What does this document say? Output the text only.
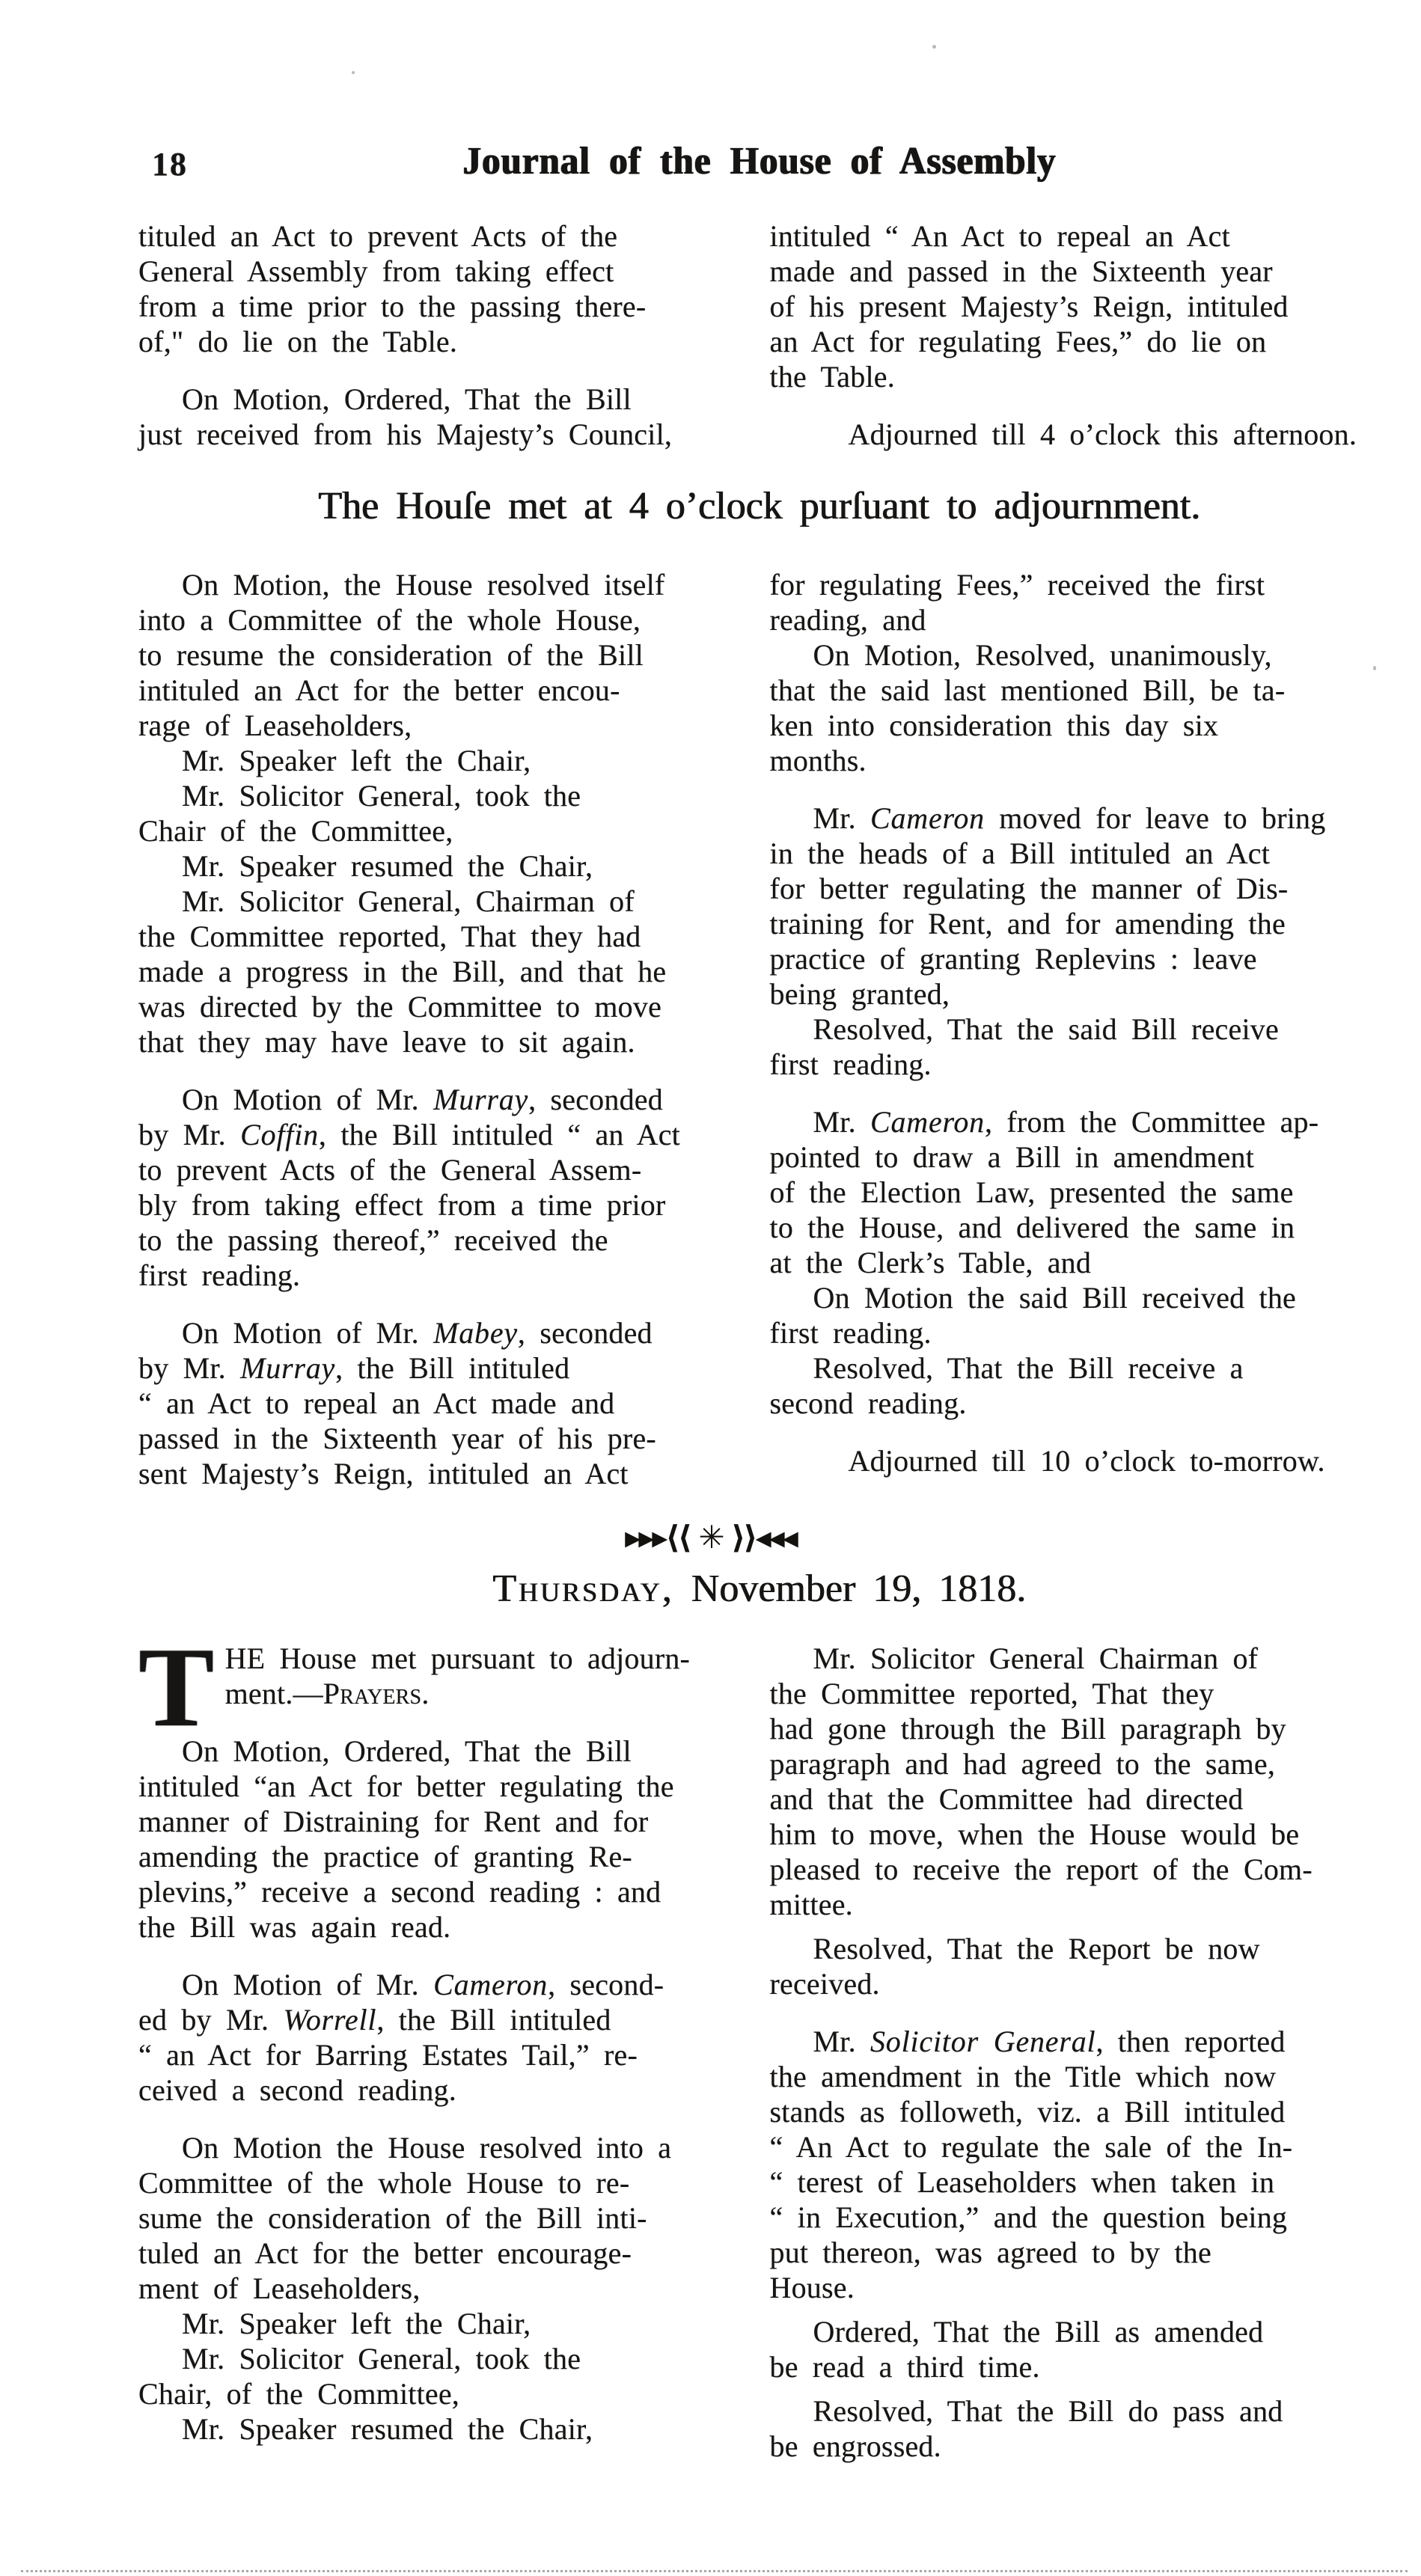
18	Journal of the House of Assembly

tituled an Act to prevent Acts of the
General Assembly from taking effect
from a time prior to the passing there-
of," do lie on the Table.

On Motion, Ordered, That the Bill
just received from his Majesty’s Council,

intituled “ An Act to repeal an Act
made and passed in the Sixteenth year
of his present Majesty’s Reign, intituled
an Act for regulating Fees,” do lie on
the Table.

Adjourned till 4 o’clock this afternoon.

The Houſe met at 4 o’clock purſuant to adjournment.

On Motion, the House resolved itself
into a Committee of the whole House,
to resume the consideration of the Bill
intituled an Act for the better encou-
rage of Leaseholders,

Mr. Speaker left the Chair,

Mr. Solicitor General, took the
Chair of the Committee,

Mr. Speaker resumed the Chair,

Mr. Solicitor General, Chairman of
the Committee reported, That they had
made a progress in the Bill, and that he
was directed by the Committee to move
that they may have leave to sit again.

On Motion of Mr. Murray, seconded
by Mr. Coffin, the Bill intituled “ an Act
to prevent Acts of the General Assem-
bly from taking effect from a time prior
to the passing thereof,” received the
first reading.

On Motion of Mr. Mabey, seconded
by Mr. Murray, the Bill intituled
“ an Act to repeal an Act made and
passed in the Sixteenth year of his pre-
sent Majesty’s Reign, intituled an Act

for regulating Fees,” received the first
reading, and

On Motion, Resolved, unanimously,
that the said last mentioned Bill, be ta-
ken into consideration this day six
months.

Mr. Cameron moved for leave to bring
in the heads of a Bill intituled an Act
for better regulating the manner of Dis-
training for Rent, and for amending the
practice of granting Replevins : leave
being granted,

Resolved, That the said Bill receive
first reading.

Mr. Cameron, from the Committee ap-
pointed to draw a Bill in amendment
of the Election Law, presented the same
to the House, and delivered the same in
at the Clerk’s Table, and

On Motion the said Bill received the
first reading.

Resolved, That the Bill receive a
second reading.

Adjourned till 10 o’clock to-morrow.

▸▸▸⟨⟨ ✳ ⟩⟩◂◂◂
Thursday, November 19, 1818.

T HE House met pursuant to adjourn-
ment.—Prayers.

On Motion, Ordered, That the Bill
intituled “an Act for better regulating the
manner of Distraining for Rent and for
amending the practice of granting Re-
plevins,” receive a second reading : and
the Bill was again read.

On Motion of Mr. Cameron, second-
ed by Mr. Worrell, the Bill intituled
“ an Act for Barring Estates Tail,” re-
ceived a second reading.

On Motion the House resolved into a
Committee of the whole House to re-
sume the consideration of the Bill inti-
tuled an Act for the better encourage-
ment of Leaseholders,

Mr. Speaker left the Chair,

Mr. Solicitor General, took the
Chair, of the Committee,

Mr. Speaker resumed the Chair,

Mr. Solicitor General Chairman of
the Committee reported, That they
had gone through the Bill paragraph by
paragraph and had agreed to the same,
and that the Committee had directed
him to move, when the House would be
pleased to receive the report of the Com-
mittee.

Resolved, That the Report be now
received.

Mr. Solicitor General, then reported
the amendment in the Title which now
stands as followeth, viz. a Bill intituled
“ An Act to regulate the sale of the In-
“ terest of Leaseholders when taken in
“ in Execution,” and the question being
put thereon, was agreed to by the
House.

Ordered, That the Bill as amended
be read a third time.

Resolved, That the Bill do pass and
be engrossed.
